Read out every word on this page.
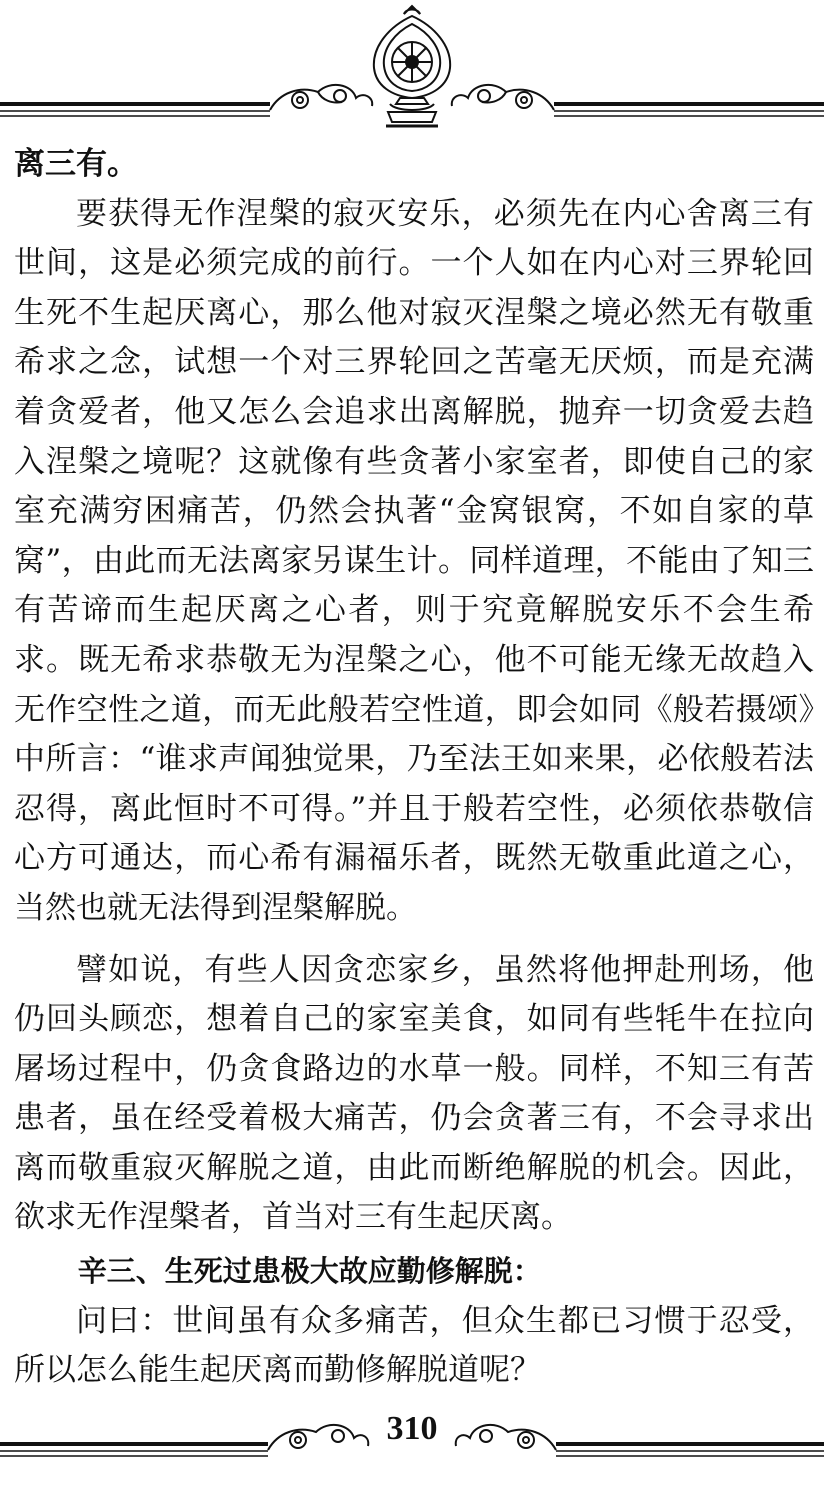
离三有。

要获得无作涅槃的寂灭安乐，必须先在内心舍离三有世间，这是必须完成的前行。一个人如在内心对三界轮回生死不生起厌离心，那么他对寂灭涅槃之境必然无有敬重希求之念，试想一个对三界轮回之苦毫无厌烦，而是充满着贪爱者，他又怎么会追求出离解脱，抛弃一切贪爱去趋入涅槃之境呢？这就像有些贪著小家室者，即使自己的家室充满穷困痛苦，仍然会执著“金窝银窝，不如自家的草窝”，由此而无法离家另谋生计。同样道理，不能由了知三有苦谛而生起厌离之心者，则于究竟解脱安乐不会生希求。既无希求恭敬无为涅槃之心，他不可能无缘无故趋入无作空性之道，而无此般若空性道，即会如同《般若摄颂》中所言：“谁求声闻独觉果，乃至法王如来果，必依般若法忍得，离此恒时不可得。”并且于般若空性，必须依恭敬信心方可通达，而心希有漏福乐者，既然无敬重此道之心，当然也就无法得到涅槃解脱。

譬如说，有些人因贪恋家乡，虽然将他押赴刑场，他仍回头顾恋，想着自己的家室美食，如同有些牦牛在拉向屠场过程中，仍贪食路边的水草一般。同样，不知三有苦患者，虽在经受着极大痛苦，仍会贪著三有，不会寻求出离而敬重寂灭解脱之道，由此而断绝解脱的机会。因此，欲求无作涅槃者，首当对三有生起厌离。

辛三、生死过患极大故应勤修解脱：

问曰：世间虽有众多痛苦，但众生都已习惯于忍受，所以怎么能生起厌离而勤修解脱道呢？

310
